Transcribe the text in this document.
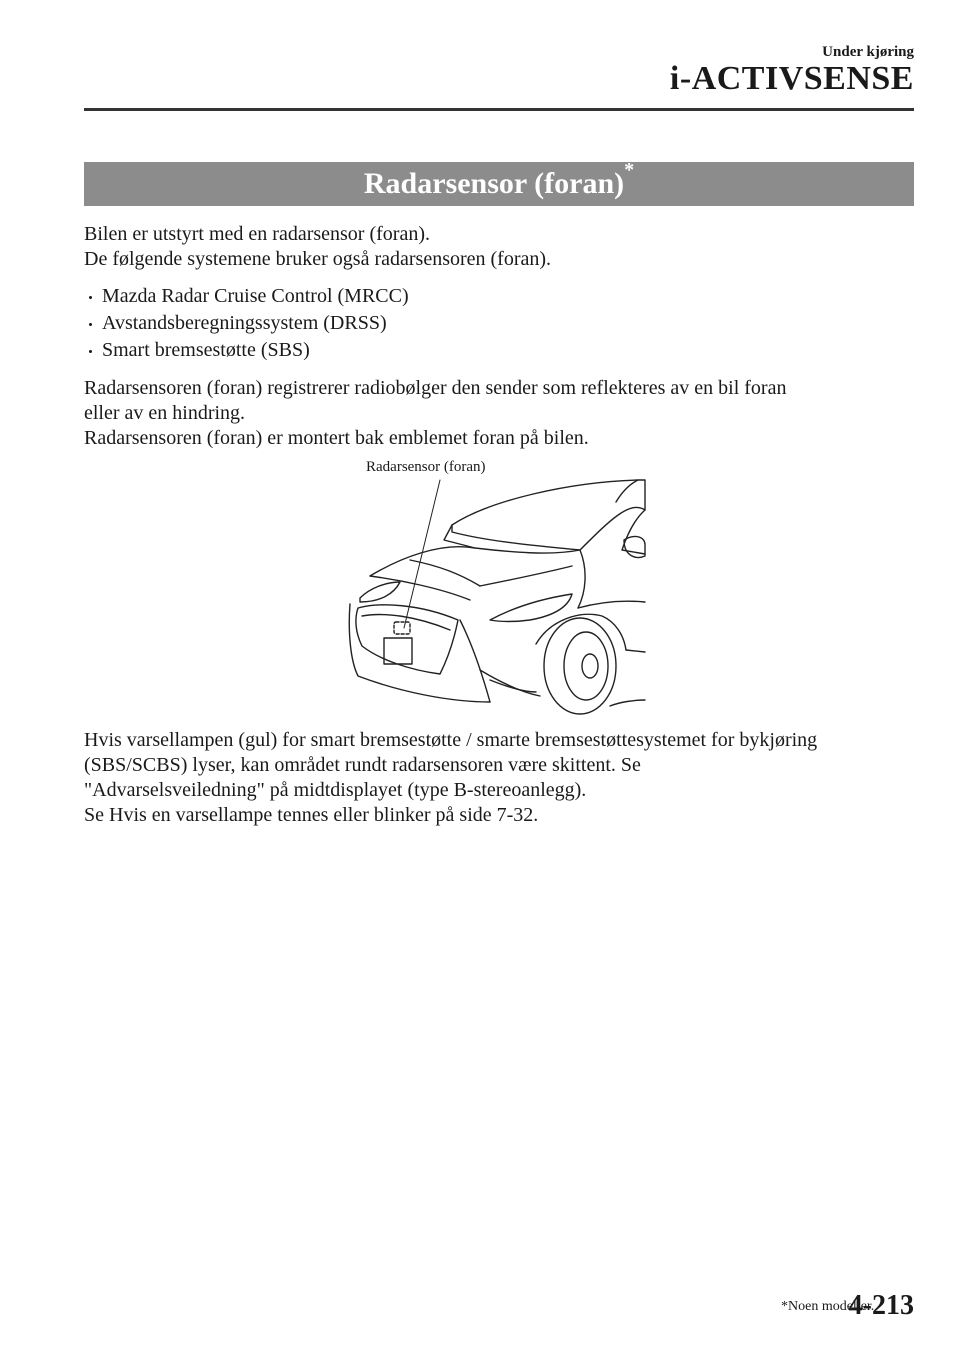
Under kjøring
i-ACTIVSENSE
Radarsensor (foran)*
Bilen er utstyrt med en radarsensor (foran).
De følgende systemene bruker også radarsensoren (foran).
Mazda Radar Cruise Control (MRCC)
Avstandsberegningssystem (DRSS)
Smart bremsestøtte (SBS)
Radarsensoren (foran) registrerer radiobølger den sender som reflekteres av en bil foran
eller av en hindring.
Radarsensoren (foran) er montert bak emblemet foran på bilen.
Radarsensor (foran)
Hvis varsellampen (gul) for smart bremsestøtte / smarte bremsestøttesystemet for bykjøring
(SBS/SCBS) lyser, kan området rundt radarsensoren være skittent. Se
"Advarselsveiledning" på midtdisplayet (type B-stereoanlegg).
Se Hvis en varsellampe tennes eller blinker på side 7-32.
*Noen modeller.
4-213
